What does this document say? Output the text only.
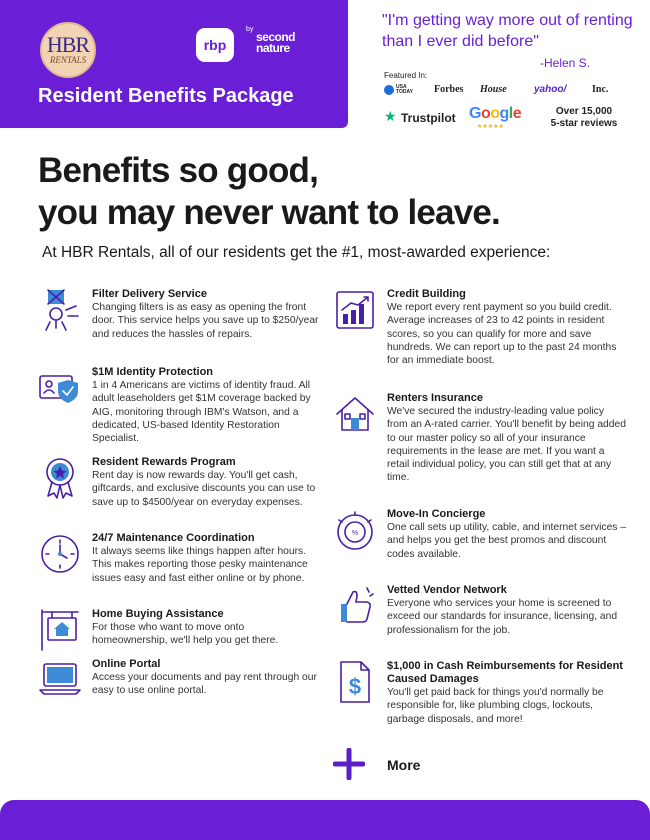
HBR
RENTALS
rbp
by
second nature
Resident Benefits Package

"I'm getting way more out of renting than I ever did before"

-Helen S.
Featured In:
USA
TODAY Forbes House	yahoo/	Inc.
★ Trustpilot Google
★★★★★
Over 15,000
5-star reviews
Benefits so good,
you may never want to leave.

At HBR Rentals, all of our residents get the #1, most-awarded experience:

Filter Delivery Service

Changing filters is as easy as opening the front door. This service helps you save up to $250/year and reduces the hassles of repairs.

$1M Identity Protection

1 in 4 Americans are victims of identity fraud. All adult leaseholders get $1M coverage backed by AIG, monitoring through IBM's Watson, and a dedicated, US-based Identity Restoration Specialist.

Resident Rewards Program

Rent day is now rewards day. You'll get cash, giftcards, and exclusive discounts you can use to save up to $4500/year on everyday expenses.

24/7 Maintenance Coordination

It always seems like things happen after hours. This makes reporting those pesky maintenance issues easy and fast either online or by phone.

Home Buying Assistance

For those who want to move onto homeownership, we'll help you get there.

Online Portal

Access your documents and pay rent through our easy to use online portal.

Credit Building

We report every rent payment so you build credit. Average increases of 23 to 42 points in resident scores, so you can qualify for more and save hundreds. We can report up to the past 24 months for an immediate boost.

Renters Insurance

We've secured the industry-leading value policy from an A-rated carrier. You'll benefit by being added to our master policy so all of your insurance requirements in the lease are met. If you want a retail individual policy, you can still get that at any time.

%

Move-In Concierge

One call sets up utility, cable, and internet services – and helps you get the best promos and discount codes available.

Vetted Vendor Network

Everyone who services your home is screened to exceed our standards for insurance, licensing, and professionalism for the job.

$

$1,000 in Cash Reimbursements for Resident Caused Damages

You'll get paid back for things you'd normally be responsible for, like plumbing clogs, lockouts, garbage disposals, and more!

More
